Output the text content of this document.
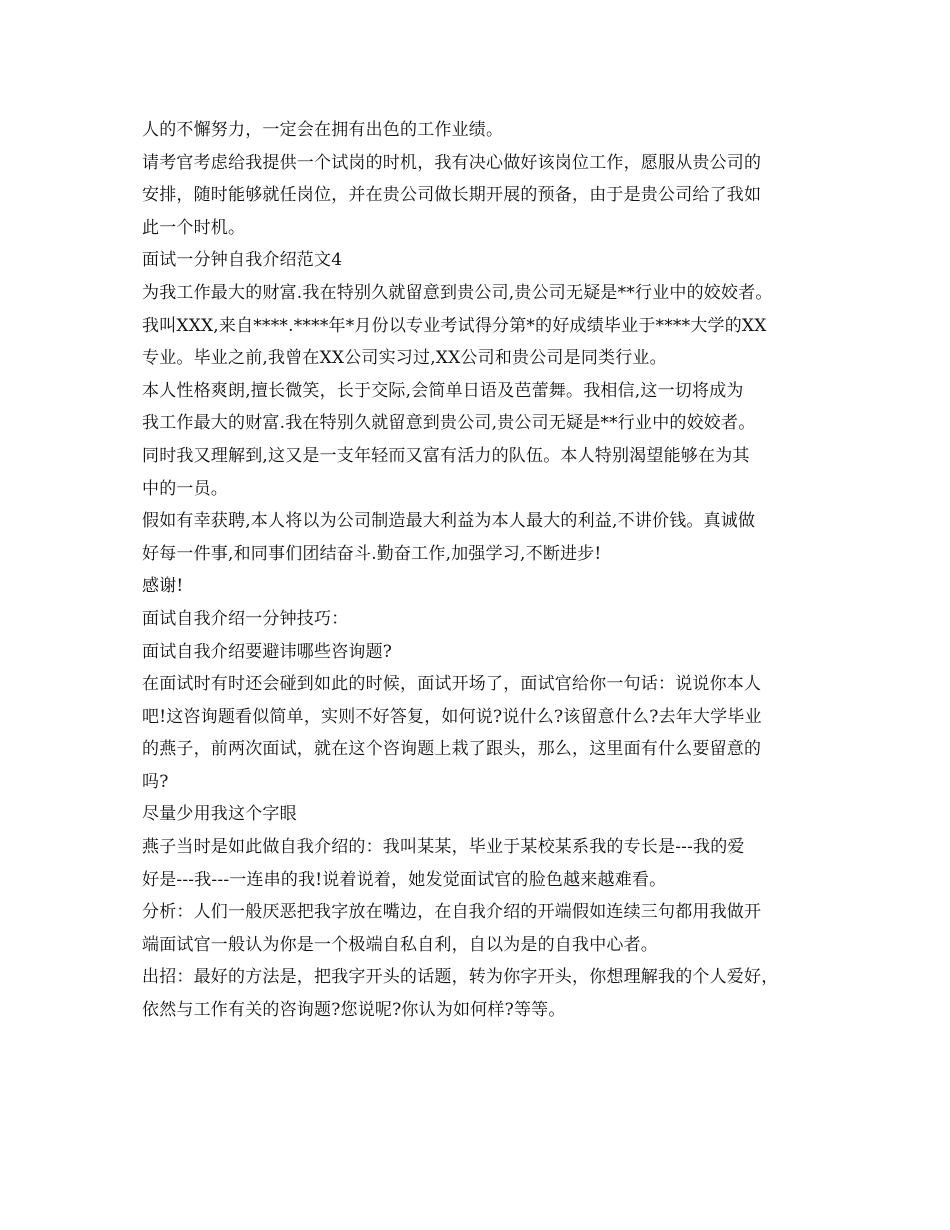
人的不懈努力，一定会在拥有出色的工作业绩。
请考官考虑给我提供一个试岗的时机，我有决心做好该岗位工作，愿服从贵公司的
安排，随时能够就任岗位，并在贵公司做长期开展的预备，由于是贵公司给了我如
此一个时机。
面试一分钟自我介绍范文4
为我工作最大的财富.我在特别久就留意到贵公司,贵公司无疑是**行业中的姣姣者。
我叫XXX,来自****.****年*月份以专业考试得分第*的好成绩毕业于****大学的XX
专业。毕业之前,我曾在XX公司实习过,XX公司和贵公司是同类行业。
本人性格爽朗,擅长微笑，长于交际,会简单日语及芭蕾舞。我相信,这一切将成为
我工作最大的财富.我在特别久就留意到贵公司,贵公司无疑是**行业中的姣姣者。
同时我又理解到,这又是一支年轻而又富有活力的队伍。本人特别渴望能够在为其
中的一员。
假如有幸获聘,本人将以为公司制造最大利益为本人最大的利益,不讲价钱。真诚做
好每一件事,和同事们团结奋斗.勤奋工作,加强学习,不断进步!
感谢!
面试自我介绍一分钟技巧：
面试自我介绍要避讳哪些咨询题?
在面试时有时还会碰到如此的时候，面试开场了，面试官给你一句话：说说你本人
吧!这咨询题看似简单，实则不好答复，如何说?说什么?该留意什么?去年大学毕业
的燕子，前两次面试，就在这个咨询题上栽了跟头，那么，这里面有什么要留意的
吗?
尽量少用我这个字眼
燕子当时是如此做自我介绍的：我叫某某，毕业于某校某系我的专长是---我的爱
好是---我---一连串的我!说着说着，她发觉面试官的脸色越来越难看。
分析：人们一般厌恶把我字放在嘴边，在自我介绍的开端假如连续三句都用我做开
端面试官一般认为你是一个极端自私自利，自以为是的自我中心者。
出招：最好的方法是，把我字开头的话题，转为你字开头，你想理解我的个人爱好，
依然与工作有关的咨询题?您说呢?你认为如何样?等等。
